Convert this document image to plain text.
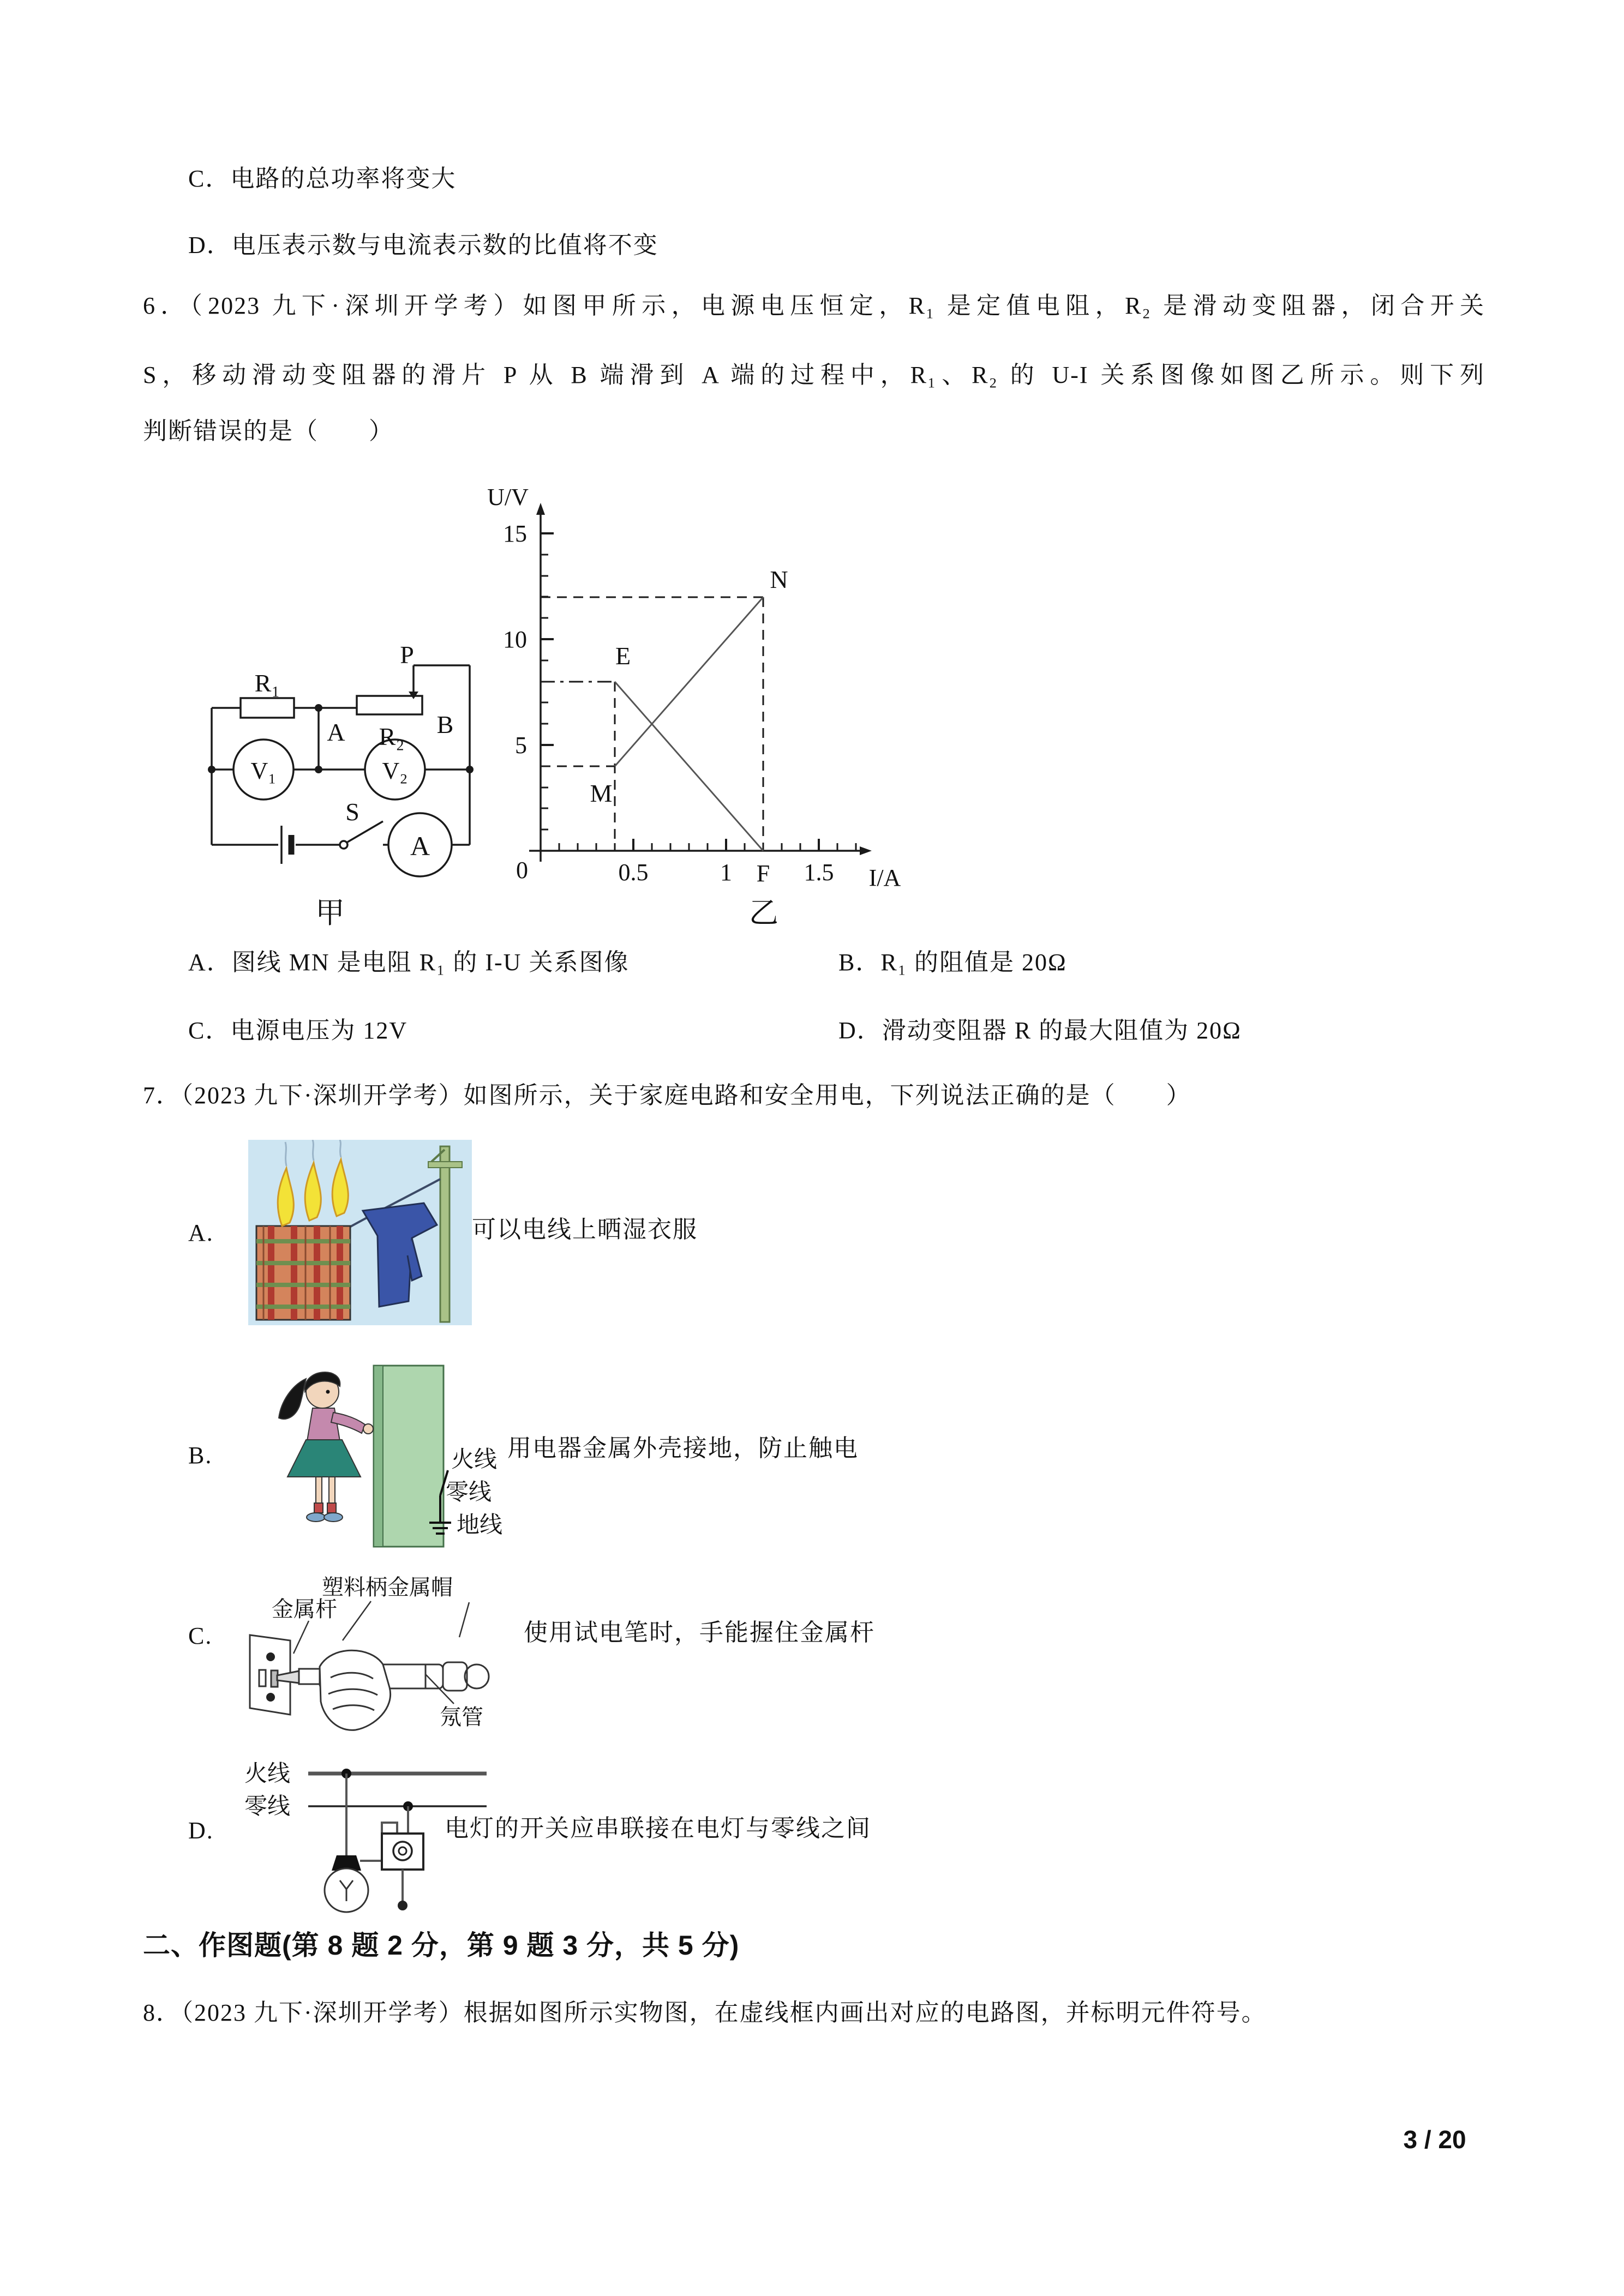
C．电路的总功率将变大
D．电压表示数与电流表示数的比值将不变
6．（2023 九下·深圳开学考）如图甲所示，电源电压恒定，R₁ 是定值电阻，R₂ 是滑动变阻器，闭合开关
S，移动滑动变阻器的滑片 P 从 B 端滑到 A 端的过程中，R₁、R₂ 的 U-I 关系图像如图乙所示。则下列
判断错误的是（　　）
R₁
P
A R₂ B
V₁	V₂
S
A
甲
U/V
15
10
5
0	0.5	1 F 1.5 I/A
N
E
M
乙
A．图线 MN 是电阻 R₁ 的 I-U 关系图像	B．R₁ 的阻值是 20Ω
C．电源电压为 12V	D．滑动变阻器 R 的最大阻值为 20Ω
7．（2023 九下·深圳开学考）如图所示，关于家庭电路和安全用电，下列说法正确的是（　　）
A.	可以电线上晒湿衣服
B.	火线
零线
地线
用电器金属外壳接地，防止触电
C.
塑料柄金属帽
金属杆
氖管
使用试电笔时，手能握住金属杆
D.
火线
零线
电灯的开关应串联接在电灯与零线之间
二、作图题(第 8 题 2 分，第 9 题 3 分，共 5 分)
8．（2023 九下·深圳开学考）根据如图所示实物图，在虚线框内画出对应的电路图，并标明元件符号。
3 / 20
